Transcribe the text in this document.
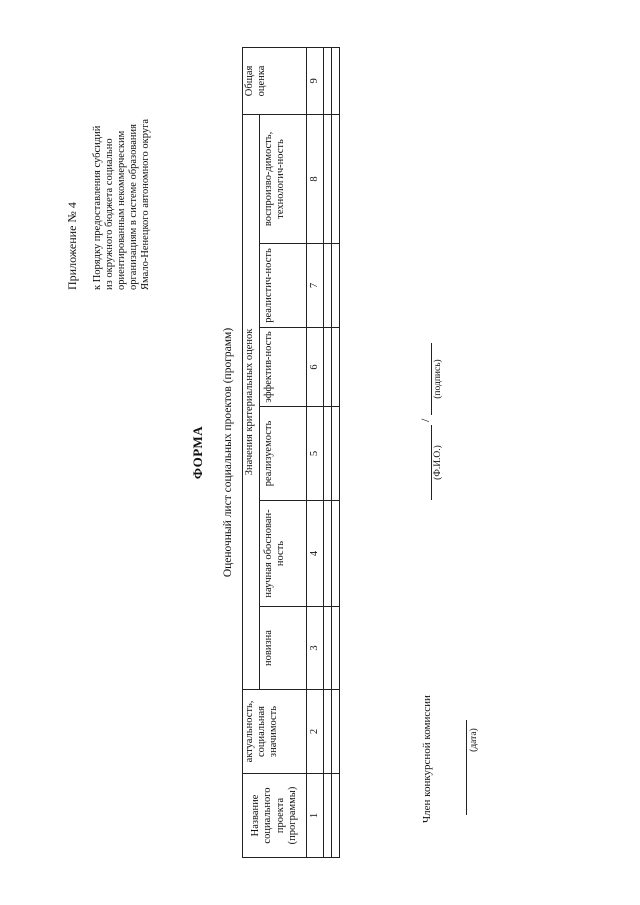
Приложение № 4 к Порядку предоставления субсидий из окружного бюджета социально ориентированным некоммерческим организациям в системе образования Ямало-Ненецкого автономного округа
ФОРМА Оценочный лист социальных проектов (программ)
Название социального проекта (программы)	актуальность, социальная значимость	Значения критериальных оценок						Общая оценка
		новизна	научная обоснован-ность	реализуемость	эффектив-ность	реалистич-ность	воспроизво-димость, технологич-ность	
1	2	3	4	5	6	7	8	9

Член конкурсной комиссии
/
(Ф.И.О.)
(подпись)
(дата)
